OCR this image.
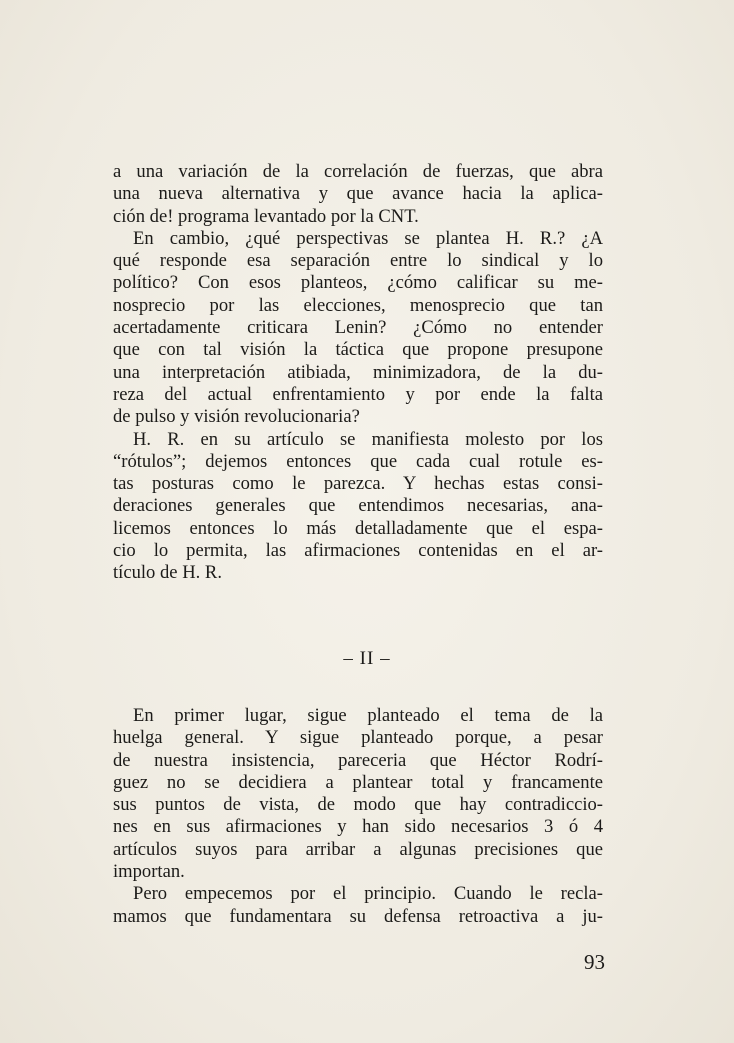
a una variación de la correlación de fuerzas, que abra
una nueva alternativa y que avance hacia la aplica-
ción de! programa levantado por la CNT.
En cambio, ¿qué perspectivas se plantea H. R.? ¿A
qué responde esa separación entre lo sindical y lo
político? Con esos planteos, ¿cómo calificar su me-
nosprecio por las elecciones, menosprecio que tan
acertadamente criticara Lenin? ¿Cómo no entender
que con tal visión la táctica que propone presupone
una interpretación atibiada, minimizadora, de la du-
reza del actual enfrentamiento y por ende la falta
de pulso y visión revolucionaria?
H. R. en su artículo se manifiesta molesto por los
“rótulos”; dejemos entonces que cada cual rotule es-
tas posturas como le parezca. Y hechas estas consi-
deraciones generales que entendimos necesarias, ana-
licemos entonces lo más detalladamente que el espa-
cio lo permita, las afirmaciones contenidas en el ar-
tículo de H. R.
– II –
En primer lugar, sigue planteado el tema de la
huelga general. Y sigue planteado porque, a pesar
de nuestra insistencia, pareceria que Héctor Rodrí-
guez no se decidiera a plantear total y francamente
sus puntos de vista, de modo que hay contradiccio-
nes en sus afirmaciones y han sido necesarios 3 ó 4
artículos suyos para arribar a algunas precisiones que
importan.
Pero empecemos por el principio. Cuando le recla-
mamos que fundamentara su defensa retroactiva a ju-
93
